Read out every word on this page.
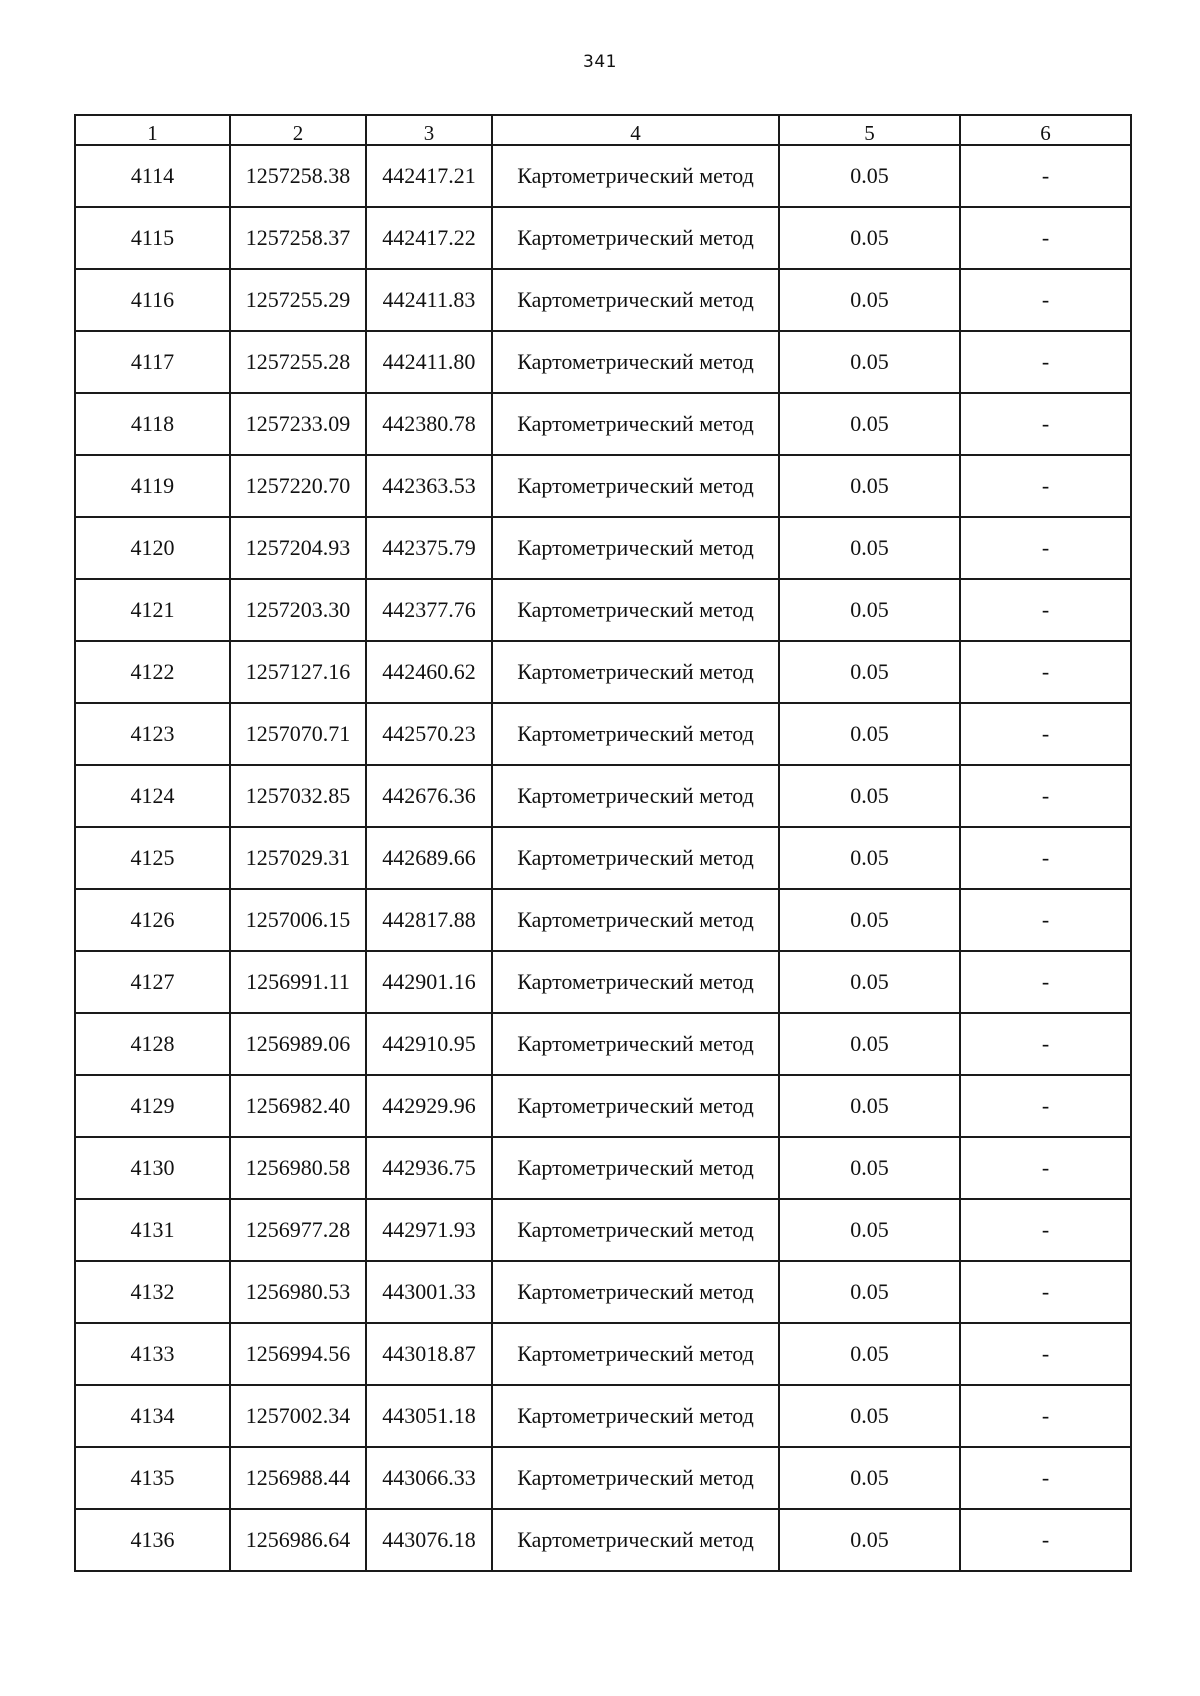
341
1	2	3	4	5	6
4114	1257258.38	442417.21	Картометрический метод	0.05	-
4115	1257258.37	442417.22	Картометрический метод	0.05	-
4116	1257255.29	442411.83	Картометрический метод	0.05	-
4117	1257255.28	442411.80	Картометрический метод	0.05	-
4118	1257233.09	442380.78	Картометрический метод	0.05	-
4119	1257220.70	442363.53	Картометрический метод	0.05	-
4120	1257204.93	442375.79	Картометрический метод	0.05	-
4121	1257203.30	442377.76	Картометрический метод	0.05	-
4122	1257127.16	442460.62	Картометрический метод	0.05	-
4123	1257070.71	442570.23	Картометрический метод	0.05	-
4124	1257032.85	442676.36	Картометрический метод	0.05	-
4125	1257029.31	442689.66	Картометрический метод	0.05	-
4126	1257006.15	442817.88	Картометрический метод	0.05	-
4127	1256991.11	442901.16	Картометрический метод	0.05	-
4128	1256989.06	442910.95	Картометрический метод	0.05	-
4129	1256982.40	442929.96	Картометрический метод	0.05	-
4130	1256980.58	442936.75	Картометрический метод	0.05	-
4131	1256977.28	442971.93	Картометрический метод	0.05	-
4132	1256980.53	443001.33	Картометрический метод	0.05	-
4133	1256994.56	443018.87	Картометрический метод	0.05	-
4134	1257002.34	443051.18	Картометрический метод	0.05	-
4135	1256988.44	443066.33	Картометрический метод	0.05	-
4136	1256986.64	443076.18	Картометрический метод	0.05	-
